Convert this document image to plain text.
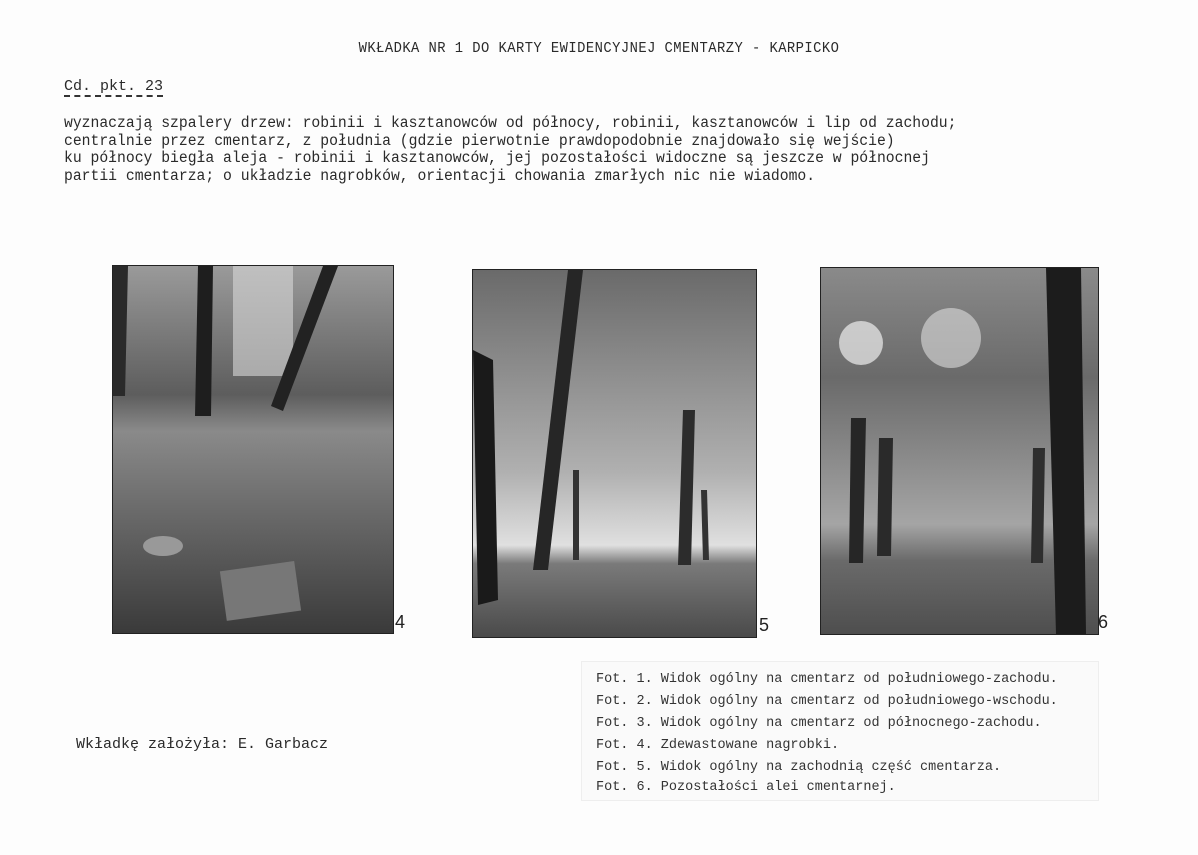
WKŁADKA NR 1 DO KARTY EWIDENCYJNEJ CMENTARZY - KARPICKO
Cd. pkt. 23
wyznaczają szpalery drzew: robinii i kasztanowców od północy, robinii, kasztanowców i lip od zachodu;
centralnie przez cmentarz, z południa (gdzie pierwotnie prawdopodobnie znajdowało się wejście)
ku północy biegła aleja - robinii i kasztanowców, jej pozostałości widoczne są jeszcze w północnej
partii cmentarza; o układzie nagrobków, orientacji chowania zmarłych nic nie wiadomo.
4	5	6
Fot. 1. Widok ogólny na cmentarz od południowego-zachodu.
Fot. 2. Widok ogólny na cmentarz od południowego-wschodu.
Fot. 3. Widok ogólny na cmentarz od północnego-zachodu.
Fot. 4. Zdewastowane nagrobki.
Fot. 5. Widok ogólny na zachodnią część cmentarza.
Fot. 6. Pozostałości alei cmentarnej.
Wkładkę założyła: E. Garbacz
